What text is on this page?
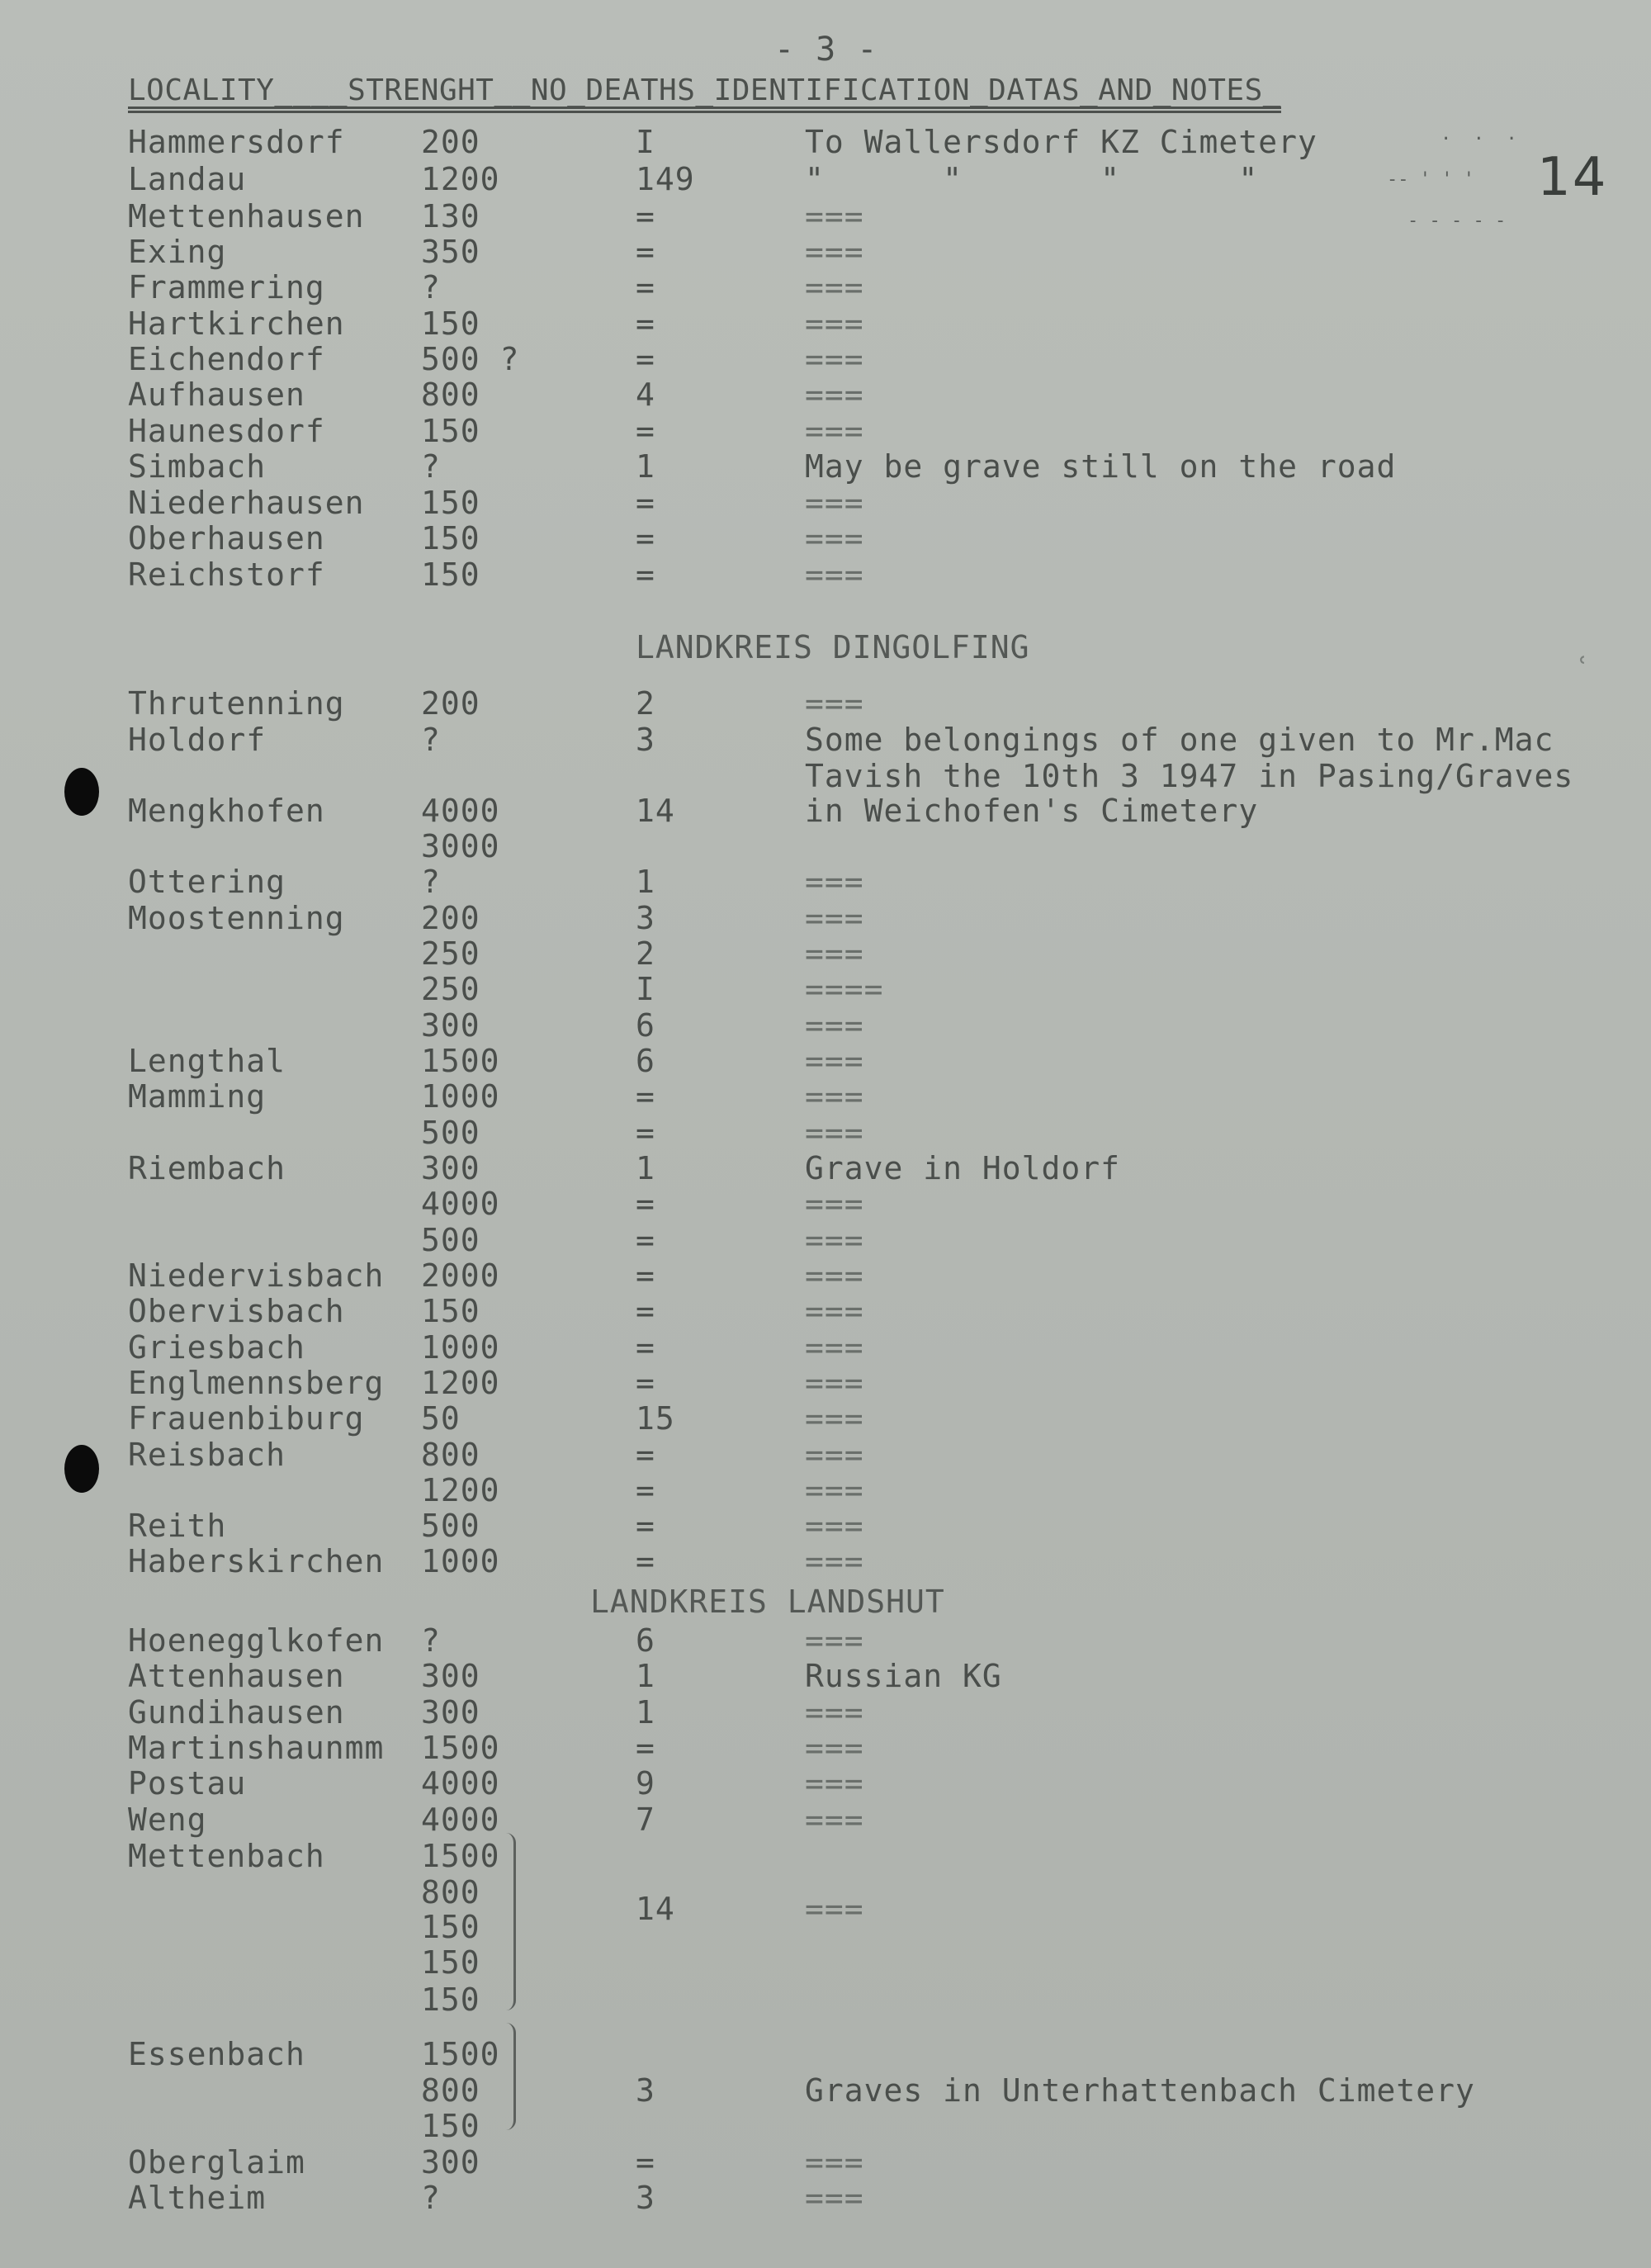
- 3 -
LOCALITY____STRENGHT__NO_DEATHS_IDENTIFICATION_DATAS_AND_NOTES_
14
-- ' ' '
- - - - -
.  .  .
ʿ
LANDKREIS DINGOLFING
LANDKREIS LANDSHUT
Hammersdorf 200	I	To Wallersdorf KZ Cimetery
Landau	1200	149	"      "       "      "
Mettenhausen 130	=	===
Exing	350	=	===
Frammering	?	=	===
Hartkirchen 150	=	===
Eichendorf	500 ?	=	===
Aufhausen	800	4	===
Haunesdorf	150	=	===
Simbach	?	1	May be grave still on the road
Niederhausen 150	=	===
Oberhausen	150	=	===
Reichstorf	150	=	===
Thrutenning 200	2	===
Holdorf	?	3	Some belongings of one given to Mr.Mac
Tavish the 10th 3 1947 in Pasing/Graves
Mengkhofen	4000	14	in Weichofen's Cimetery
3000
Ottering	?	1	===
Moostenning 200	3	===
250	2	===
250	I	====
300	6	===
Lengthal	1500	6	===
Mamming	1000	=	===
500	=	===
Riembach	300	1	Grave in Holdorf
4000	=	===
500	=	===
Niedervisbach 2000	=	===
Obervisbach 150	=	===
Griesbach	1000	=	===
Englmennsberg 1200	=	===
Frauenbiburg 50	15	===
Reisbach	800	=	===
1200	=	===
Reith	500	=	===
Haberskirchen 1000	=	===
Hoenegglkofen ?	6	===
Attenhausen 300	1	Russian KG
Gundihausen 300	1	===
Martinshaunmm 1500	=	===
Postau	4000	9	===
Weng	4000	7	===
Mettenbach	1500
800	14	===
150
150
150
Essenbach	1500
800	3	Graves in Unterhattenbach Cimetery
150
Oberglaim	300	=	===
Altheim	?	3	===
